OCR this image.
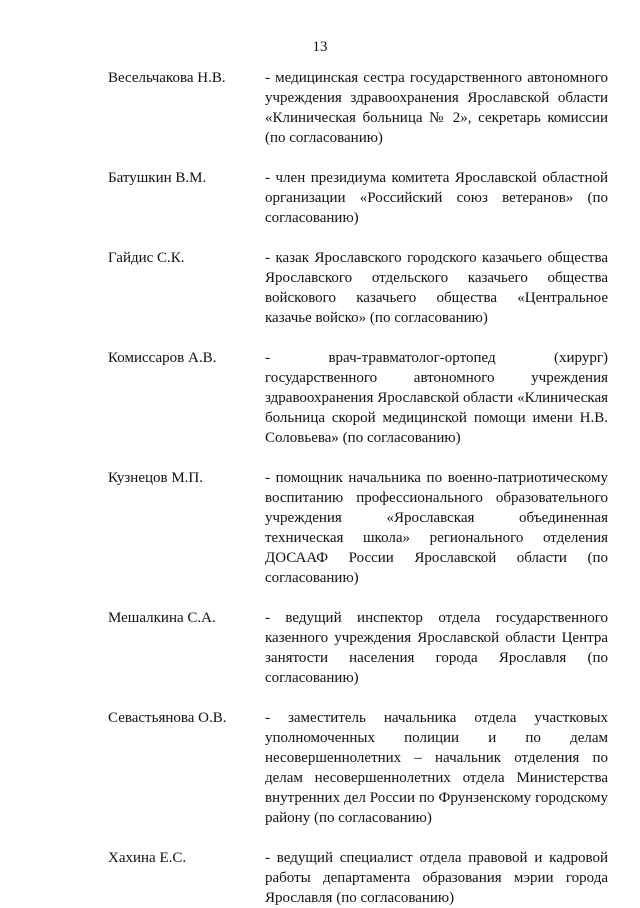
13
Весельчакова Н.В.	- медицинская сестра государственного автономного учреждения здравоохранения Ярославской области «Клиническая больница № 2», секретарь комиссии (по согласованию)
Батушкин В.М.	- член президиума комитета Ярославской областной организации «Российский союз ветеранов» (по согласованию)
Гайдис С.К.	- казак Ярославского городского казачьего общества Ярославского отдельского казачьего общества войскового казачьего общества «Центральное казачье войско» (по согласованию)
Комиссаров А.В.	- врач-травматолог-ортопед (хирург) государственного автономного учреждения здравоохранения Ярославской области «Клиническая больница скорой медицинской помощи имени Н.В. Соловьева» (по согласованию)
Кузнецов М.П.	- помощник начальника по военно-патриотическому воспитанию профессионального образовательного учреждения «Ярославская объединенная техническая школа» регионального отделения ДОСААФ России Ярославской области (по согласованию)
Мешалкина С.А.	- ведущий инспектор отдела государственного казенного учреждения Ярославской области Центра занятости населения города Ярославля (по согласованию)
Севастьянова О.В.	- заместитель начальника отдела участковых уполномоченных полиции и по делам несовершеннолетних – начальник отделения по делам несовершеннолетних отдела Министерства внутренних дел России по Фрунзенскому городскому району (по согласованию)
Хахина Е.С.	- ведущий специалист отдела правовой и кадровой работы департамента образования мэрии города Ярославля (по согласованию)
